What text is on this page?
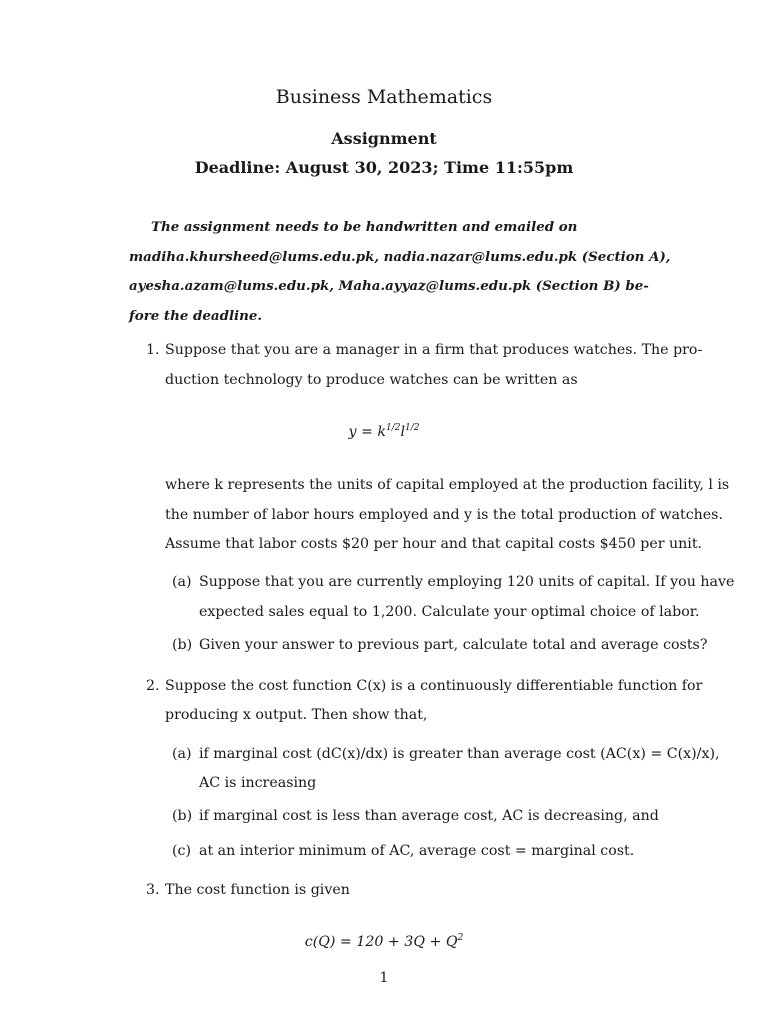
Business Mathematics
Assignment
Deadline: August 30, 2023; Time 11:55pm
The assignment needs to be handwritten and emailed on
madiha.khursheed@lums.edu.pk, nadia.nazar@lums.edu.pk (Section A),
ayesha.azam@lums.edu.pk, Maha.ayyaz@lums.edu.pk (Section B) be-
fore the deadline.
1. Suppose that you are a manager in a firm that produces watches. The pro-
duction technology to produce watches can be written as
$y = k^{1/2}l^{1/2}$
where k represents the units of capital employed at the production facility, l is
the number of labor hours employed and y is the total production of watches.
Assume that labor costs $20 per hour and that capital costs $450 per unit.
(a) Suppose that you are currently employing 120 units of capital. If you have
expected sales equal to 1,200. Calculate your optimal choice of labor.
(b) Given your answer to previous part, calculate total and average costs?
2. Suppose the cost function C(x) is a continuously differentiable function for
producing x output. Then show that,
(a) if marginal cost (dC(x)/dx) is greater than average cost (AC(x) = C(x)/x),
AC is increasing
(b) if marginal cost is less than average cost, AC is decreasing, and
(c) at an interior minimum of AC, average cost = marginal cost.
3. The cost function is given
$c(Q) = 120 + 3Q + Q^2$
1
